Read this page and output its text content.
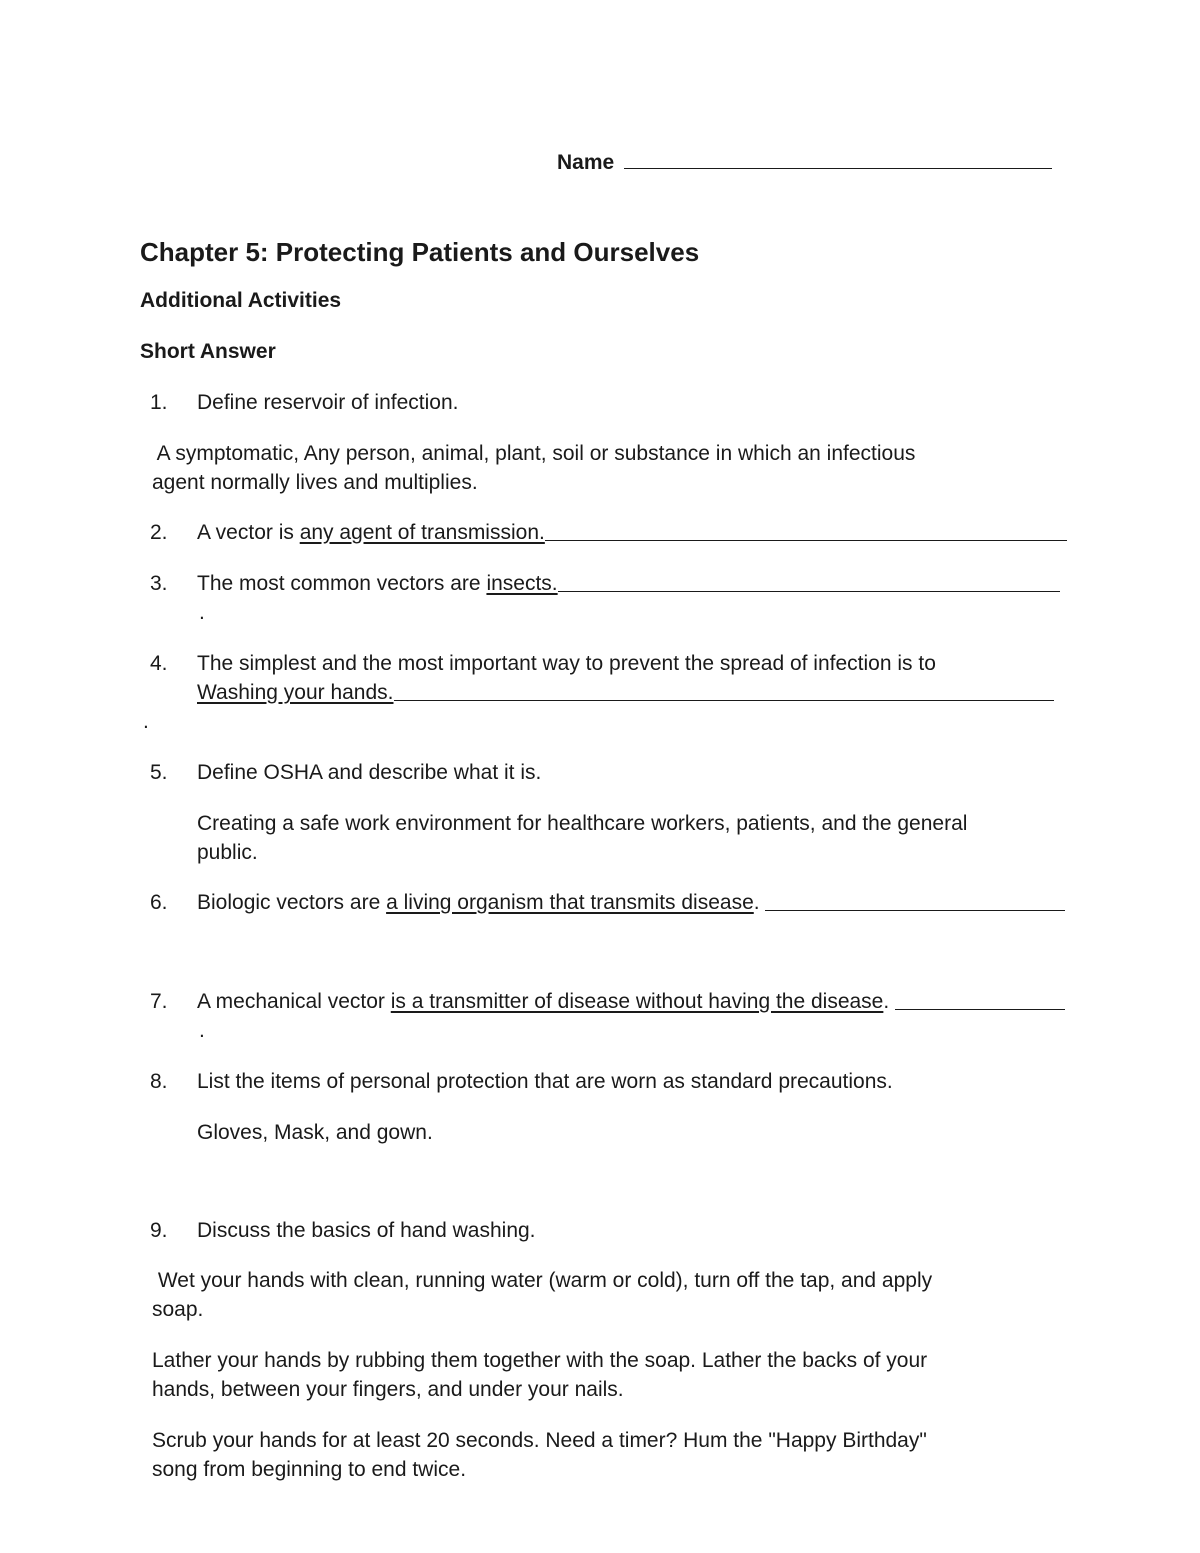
Name
Chapter 5: Protecting Patients and Ourselves
Additional Activities
Short Answer
1.	Define reservoir of infection.
A symptomatic, Any person, animal, plant, soil or substance in which an infectious
agent normally lives and multiplies.
2.	A vector is any agent of transmission.
3.	The most common vectors are insects.
.
4.	The simplest and the most important way to prevent the spread of infection is to
Washing your hands.
.
5.	Define OSHA and describe what it is.
Creating a safe work environment for healthcare workers, patients, and the general
public.
6.	Biologic vectors are a living organism that transmits disease .
7.	A mechanical vector is a transmitter of disease without having the disease .
.
8.	List the items of personal protection that are worn as standard precautions.
Gloves, Mask, and gown.
9.	Discuss the basics of hand washing.
Wet your hands with clean, running water (warm or cold), turn off the tap, and apply
soap.
Lather your hands by rubbing them together with the soap. Lather the backs of your
hands, between your fingers, and under your nails.
Scrub your hands for at least 20 seconds. Need a timer? Hum the "Happy Birthday"
song from beginning to end twice.
